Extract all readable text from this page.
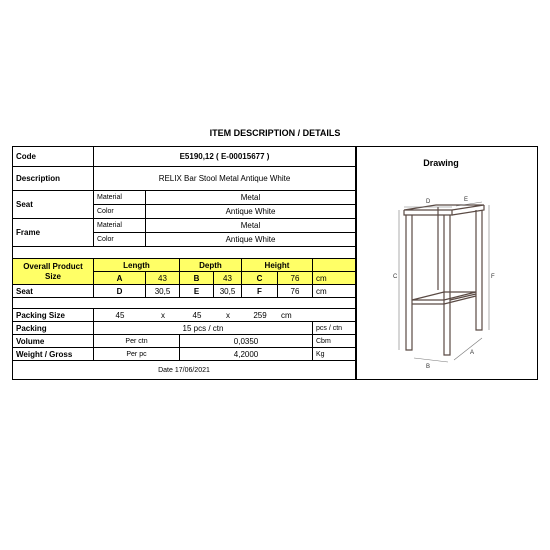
ITEM DESCRIPTION / DETAILS
Code	E5190,12 ( E-00015677 )
Description	RELIX Bar Stool Metal Antique White
Seat
Material	Metal
Color	Antique White
Frame
Material	Metal
Color	Antique White
Overall Product
Size
Length	Depth	Height
A	43	B	43	C	76	cm
Seat	D	30,5	E	30,5	F	76	cm
Packing Size	45	x	45	x	259	cm
Packing	15 pcs / ctn	pcs / ctn
Volume	Per ctn	0,0350	Cbm
Weight / Gross	Per pc	4,2000	Kg
Date 17/06/2021
Drawing
D	E
C	F
B
A
